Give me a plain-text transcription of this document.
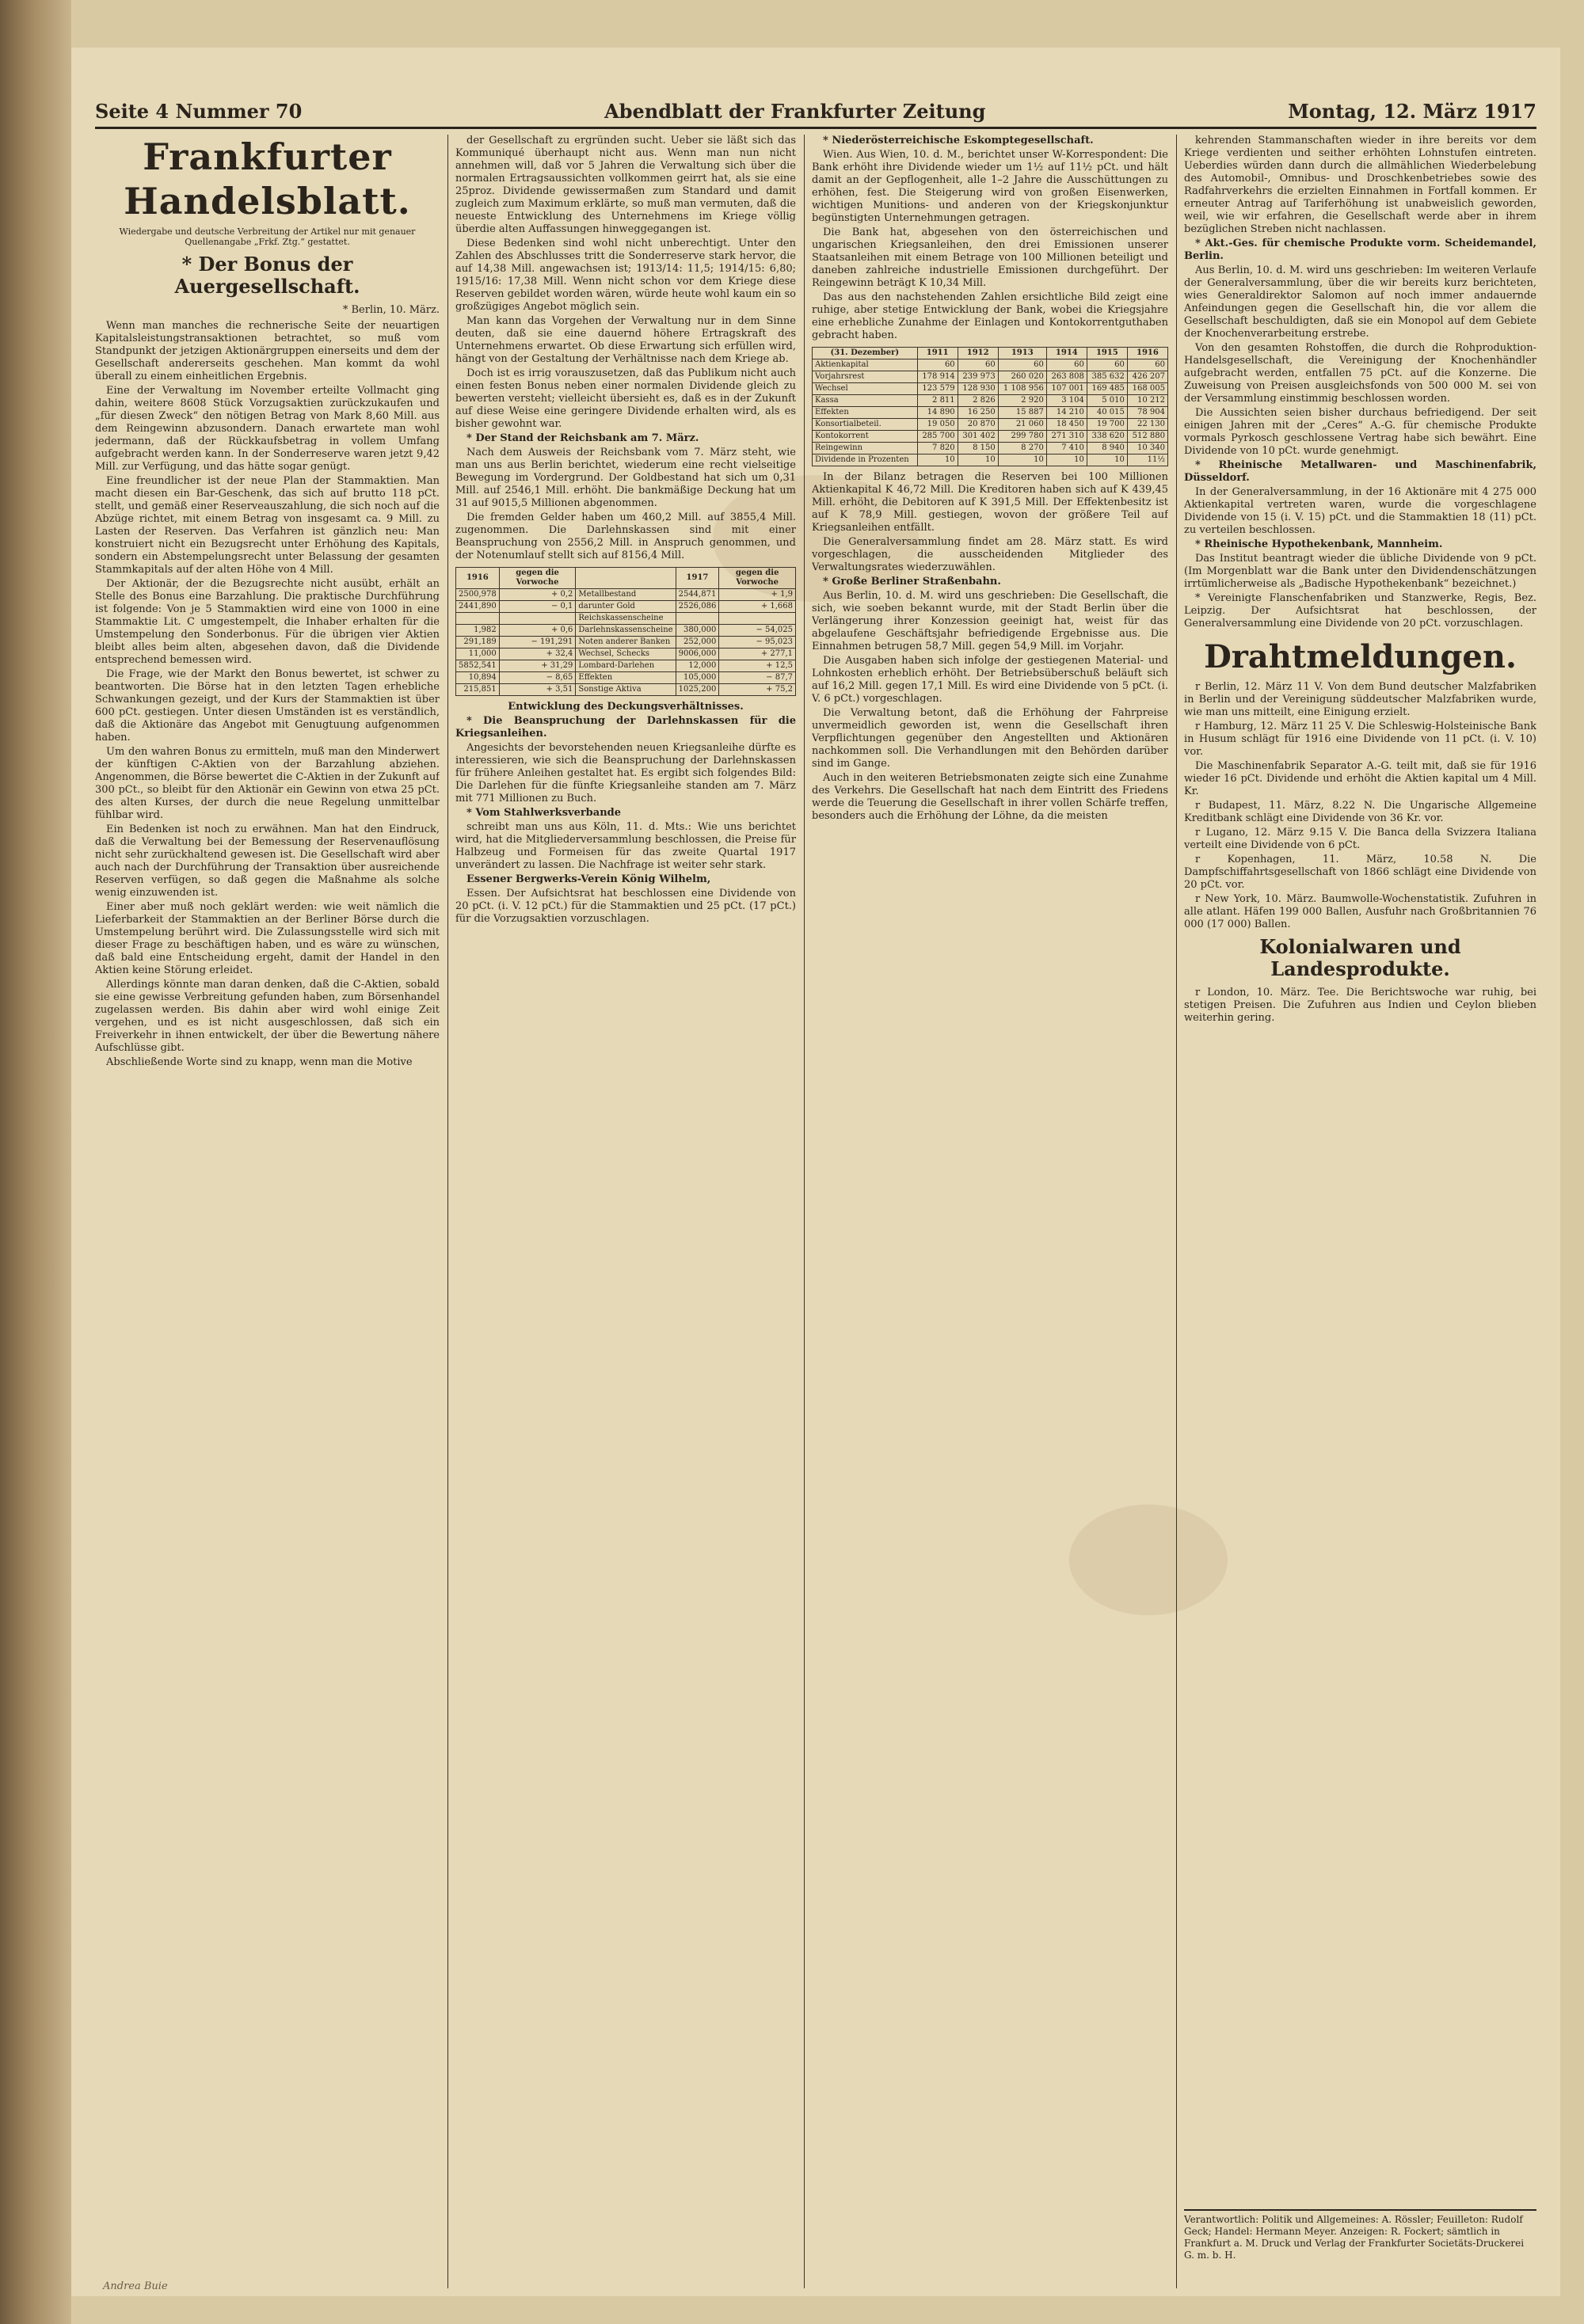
Seite 4 Nummer 70	Abendblatt der Frankfurter Zeitung	Montag, 12. März 1917
Frankfurter Handelsblatt.
Wiedergabe und deutsche Verbreitung der Artikel nur mit genauer Quellenangabe „Frkf. Ztg.“ gestattet.
* Der Bonus der Auergesellschaft.
* Berlin, 10. März.

Wenn man manches die rechnerische Seite der neuartigen Kapitalsleistungstransaktionen betrachtet, so muß vom Standpunkt der jetzigen Aktionärgruppen einerseits und dem der Gesellschaft andererseits geschehen. Man kommt da wohl überall zu einem einheitlichen Ergebnis.

Eine der Verwaltung im November erteilte Vollmacht ging dahin, weitere 8608 Stück Vorzugsaktien zurückzukaufen und „für diesen Zweck“ den nötigen Betrag von Mark 8,60 Mill. aus dem Reingewinn abzusondern. Danach erwartete man wohl jedermann, daß der Rückkaufsbetrag in vollem Umfang aufgebracht werden kann. In der Sonderreserve waren jetzt 9,42 Mill. zur Verfügung, und das hätte sogar genügt.

Eine freundlicher ist der neue Plan der Stammaktien. Man macht diesen ein Bar-Geschenk, das sich auf brutto 118 pCt. stellt, und gemäß einer Reserveauszahlung, die sich noch auf die Abzüge richtet, mit einem Betrag von insgesamt ca. 9 Mill. zu Lasten der Reserven. Das Verfahren ist gänzlich neu: Man konstruiert nicht ein Bezugsrecht unter Erhöhung des Kapitals, sondern ein Abstempelungsrecht unter Belassung der gesamten Stammkapitals auf der alten Höhe von 4 Mill.

Der Aktionär, der die Bezugsrechte nicht ausübt, erhält an Stelle des Bonus eine Barzahlung. Die praktische Durchführung ist folgende: Von je 5 Stammaktien wird eine von 1000 in eine Stammaktie Lit. C umgestempelt, die Inhaber erhalten für die Umstempelung den Sonderbonus. Für die übrigen vier Aktien bleibt alles beim alten, abgesehen davon, daß die Dividende entsprechend bemessen wird.

Die Frage, wie der Markt den Bonus bewertet, ist schwer zu beantworten. Die Börse hat in den letzten Tagen erhebliche Schwankungen gezeigt, und der Kurs der Stammaktien ist über 600 pCt. gestiegen. Unter diesen Umständen ist es verständlich, daß die Aktionäre das Angebot mit Genugtuung aufgenommen haben.

Um den wahren Bonus zu ermitteln, muß man den Minderwert der künftigen C-Aktien von der Barzahlung abziehen. Angenommen, die Börse bewertet die C-Aktien in der Zukunft auf 300 pCt., so bleibt für den Aktionär ein Gewinn von etwa 25 pCt. des alten Kurses, der durch die neue Regelung unmittelbar fühlbar wird.

Ein Bedenken ist noch zu erwähnen. Man hat den Eindruck, daß die Verwaltung bei der Bemessung der Reservenauflösung nicht sehr zurückhaltend gewesen ist. Die Gesellschaft wird aber auch nach der Durchführung der Transaktion über ausreichende Reserven verfügen, so daß gegen die Maßnahme als solche wenig einzuwenden ist.

Einer aber muß noch geklärt werden: wie weit nämlich die Lieferbarkeit der Stammaktien an der Berliner Börse durch die Umstempelung berührt wird. Die Zulassungsstelle wird sich mit dieser Frage zu beschäftigen haben, und es wäre zu wünschen, daß bald eine Entscheidung ergeht, damit der Handel in den Aktien keine Störung erleidet.

Allerdings könnte man daran denken, daß die C-Aktien, sobald sie eine gewisse Verbreitung gefunden haben, zum Börsenhandel zugelassen werden. Bis dahin aber wird wohl einige Zeit vergehen, und es ist nicht ausgeschlossen, daß sich ein Freiverkehr in ihnen entwickelt, der über die Bewertung nähere Aufschlüsse gibt.

Abschließende Worte sind zu knapp, wenn man die Motive

der Gesellschaft zu ergründen sucht. Ueber sie läßt sich das Kommuniqué überhaupt nicht aus. Wenn man nun nicht annehmen will, daß vor 5 Jahren die Verwaltung sich über die normalen Ertragsaussichten vollkommen geirrt hat, als sie eine 25proz. Dividende gewissermaßen zum Standard und damit zugleich zum Maximum erklärte, so muß man vermuten, daß die neueste Entwicklung des Unternehmens im Kriege völlig überdie alten Auffassungen hinweggegangen ist.

Diese Bedenken sind wohl nicht unberechtigt. Unter den Zahlen des Abschlusses tritt die Sonderreserve stark hervor, die auf 14,38 Mill. angewachsen ist; 1913/14: 11,5; 1914/15: 6,80; 1915/16: 17,38 Mill. Wenn nicht schon vor dem Kriege diese Reserven gebildet worden wären, würde heute wohl kaum ein so großzügiges Angebot möglich sein.

Man kann das Vorgehen der Verwaltung nur in dem Sinne deuten, daß sie eine dauernd höhere Ertragskraft des Unternehmens erwartet. Ob diese Erwartung sich erfüllen wird, hängt von der Gestaltung der Verhältnisse nach dem Kriege ab.

Doch ist es irrig vorauszusetzen, daß das Publikum nicht auch einen festen Bonus neben einer normalen Dividende gleich zu bewerten versteht; vielleicht übersieht es, daß es in der Zukunft auf diese Weise eine geringere Dividende erhalten wird, als es bisher gewohnt war.

* Der Stand der Reichsbank am 7. März.

Nach dem Ausweis der Reichsbank vom 7. März steht, wie man uns aus Berlin berichtet, wiederum eine recht vielseitige Bewegung im Vordergrund. Der Goldbestand hat sich um 0,31 Mill. auf 2546,1 Mill. erhöht. Die bankmäßige Deckung hat um 31 auf 9015,5 Millionen abgenommen.

Die fremden Gelder haben um 460,2 Mill. auf 3855,4 Mill. zugenommen. Die Darlehnskassen sind mit einer Beanspruchung von 2556,2 Mill. in Anspruch genommen, und der Notenumlauf stellt sich auf 8156,4 Mill.

1916	gegen die Vorwoche		1917	gegen die Vorwoche
2500,978	+ 0,2	Metallbestand	2544,871	+ 1,9
2441,890	− 0,1	darunter Gold	2526,086	+ 1,668
		Reichskassenscheine		
1,982	+ 0,6	Darlehnskassenscheine	380,000	− 54,025
291,189	− 191,291	Noten anderer Banken	252,000	− 95,023
11,000	+ 32,4	Wechsel, Schecks	9006,000	+ 277,1
5852,541	+ 31,29	Lombard-Darlehen	12,000	+ 12,5
10,894	− 8,65	Effekten	105,000	− 87,7
215,851	+ 3,51	Sonstige Aktiva	1025,200	+ 75,2

Entwicklung des Deckungsverhältnisses.

* Die Beanspruchung der Darlehnskassen für die Kriegsanleihen.

Angesichts der bevorstehenden neuen Kriegsanleihe dürfte es interessieren, wie sich die Beanspruchung der Darlehnskassen für frühere Anleihen gestaltet hat. Es ergibt sich folgendes Bild: Die Darlehen für die fünfte Kriegsanleihe standen am 7. März mit 771 Millionen zu Buch.

* Vom Stahlwerksverbande

schreibt man uns aus Köln, 11. d. Mts.: Wie uns berichtet wird, hat die Mitgliederversammlung beschlossen, die Preise für Halbzeug und Formeisen für das zweite Quartal 1917 unverändert zu lassen. Die Nachfrage ist weiter sehr stark.

Essener Bergwerks-Verein König Wilhelm,

Essen. Der Aufsichtsrat hat beschlossen eine Dividende von 20 pCt. (i. V. 12 pCt.) für die Stammaktien und 25 pCt. (17 pCt.) für die Vorzugsaktien vorzuschlagen.

* Niederösterreichische Eskomptegesellschaft.

Wien. Aus Wien, 10. d. M., berichtet unser W-Korrespondent: Die Bank erhöht ihre Dividende wieder um 1½ auf 11½ pCt. und hält damit an der Gepflogenheit, alle 1–2 Jahre die Ausschüttungen zu erhöhen, fest. Die Steigerung wird von großen Eisenwerken, wichtigen Munitions- und anderen von der Kriegskonjunktur begünstigten Unternehmungen getragen.

Die Bank hat, abgesehen von den österreichischen und ungarischen Kriegsanleihen, den drei Emissionen unserer Staatsanleihen mit einem Betrage von 100 Millionen beteiligt und daneben zahlreiche industrielle Emissionen durchgeführt. Der Reingewinn beträgt K 10,34 Mill.

Das aus den nachstehenden Zahlen ersichtliche Bild zeigt eine ruhige, aber stetige Entwicklung der Bank, wobei die Kriegsjahre eine erhebliche Zunahme der Einlagen und Kontokorrentguthaben gebracht haben.

(31. Dezember)	1911	1912	1913	1914	1915	1916
Aktienkapital	60	60	60	60	60	60
Vorjahrsrest	178 914	239 973	260 020	263 808	385 632	426 207
Wechsel	123 579	128 930	1 108 956	107 001	169 485	168 005
Kassa	2 811	2 826	2 920	3 104	5 010	10 212
Effekten	14 890	16 250	15 887	14 210	40 015	78 904
Konsortialbeteil.	19 050	20 870	21 060	18 450	19 700	22 130
Kontokorrent	285 700	301 402	299 780	271 310	338 620	512 880
Reingewinn	7 820	8 150	8 270	7 410	8 940	10 340
Dividende in Prozenten	10	10	10	10	10	11½

In der Bilanz betragen die Reserven bei 100 Millionen Aktienkapital K 46,72 Mill. Die Kreditoren haben sich auf K 439,45 Mill. erhöht, die Debitoren auf K 391,5 Mill. Der Effektenbesitz ist auf K 78,9 Mill. gestiegen, wovon der größere Teil auf Kriegsanleihen entfällt.

Die Generalversammlung findet am 28. März statt. Es wird vorgeschlagen, die ausscheidenden Mitglieder des Verwaltungsrates wiederzuwählen.

* Große Berliner Straßenbahn.

Aus Berlin, 10. d. M. wird uns geschrieben: Die Gesellschaft, die sich, wie soeben bekannt wurde, mit der Stadt Berlin über die Verlängerung ihrer Konzession geeinigt hat, weist für das abgelaufene Geschäftsjahr befriedigende Ergebnisse aus. Die Einnahmen betrugen 58,7 Mill. gegen 54,9 Mill. im Vorjahr.

Die Ausgaben haben sich infolge der gestiegenen Material- und Lohnkosten erheblich erhöht. Der Betriebsüberschuß beläuft sich auf 16,2 Mill. gegen 17,1 Mill. Es wird eine Dividende von 5 pCt. (i. V. 6 pCt.) vorgeschlagen.

Die Verwaltung betont, daß die Erhöhung der Fahrpreise unvermeidlich geworden ist, wenn die Gesellschaft ihren Verpflichtungen gegenüber den Angestellten und Aktionären nachkommen soll. Die Verhandlungen mit den Behörden darüber sind im Gange.

Auch in den weiteren Betriebsmonaten zeigte sich eine Zunahme des Verkehrs. Die Gesellschaft hat nach dem Eintritt des Friedens werde die Teuerung die Gesellschaft in ihrer vollen Schärfe treffen, besonders auch die Erhöhung der Löhne, da die meisten

kehrenden Stammanschaften wieder in ihre bereits vor dem Kriege verdienten und seither erhöhten Lohnstufen eintreten. Ueberdies würden dann durch die allmählichen Wiederbelebung des Automobil-, Omnibus- und Droschkenbetriebes sowie des Radfahrverkehrs die erzielten Einnahmen in Fortfall kommen. Er erneuter Antrag auf Tariferhöhung ist unabweislich geworden, weil, wie wir erfahren, die Gesellschaft werde aber in ihrem bezüglichen Streben nicht nachlassen.

* Akt.-Ges. für chemische Produkte vorm. Scheidemandel, Berlin.

Aus Berlin, 10. d. M. wird uns geschrieben: Im weiteren Verlaufe der Generalversammlung, über die wir bereits kurz berichteten, wies Generaldirektor Salomon auf noch immer andauernde Anfeindungen gegen die Gesellschaft hin, die vor allem die Gesellschaft beschuldigten, daß sie ein Monopol auf dem Gebiete der Knochenverarbeitung erstrebe.

Von den gesamten Rohstoffen, die durch die Rohproduktion-Handelsgesellschaft, die Vereinigung der Knochenhändler aufgebracht werden, entfallen 75 pCt. auf die Konzerne. Die Zuweisung von Preisen ausgleichsfonds von 500 000 M. sei von der Versammlung einstimmig beschlossen worden.

Die Aussichten seien bisher durchaus befriedigend. Der seit einigen Jahren mit der „Ceres“ A.-G. für chemische Produkte vormals Pyrkosch geschlossene Vertrag habe sich bewährt. Eine Dividende von 10 pCt. wurde genehmigt.

* Rheinische Metallwaren- und Maschinenfabrik, Düsseldorf.

In der Generalversammlung, in der 16 Aktionäre mit 4 275 000 Aktienkapital vertreten waren, wurde die vorgeschlagene Dividende von 15 (i. V. 15) pCt. und die Stammaktien 18 (11) pCt. zu verteilen beschlossen.

* Rheinische Hypothekenbank, Mannheim.

Das Institut beantragt wieder die übliche Dividende von 9 pCt. (Im Morgenblatt war die Bank unter den Dividendenschätzungen irrtümlicherweise als „Badische Hypothekenbank“ bezeichnet.)

* Vereinigte Flanschenfabriken und Stanzwerke, Regis, Bez. Leipzig. Der Aufsichtsrat hat beschlossen, der Generalversammlung eine Dividende von 20 pCt. vorzuschlagen.

Drahtmeldungen.

r Berlin, 12. März 11 V. Von dem Bund deutscher Malzfabriken in Berlin und der Vereinigung süddeutscher Malzfabriken wurde, wie man uns mitteilt, eine Einigung erzielt.

r Hamburg, 12. März 11 25 V. Die Schleswig-Holsteinische Bank in Husum schlägt für 1916 eine Dividende von 11 pCt. (i. V. 10) vor.

Die Maschinenfabrik Separator A.-G. teilt mit, daß sie für 1916 wieder 16 pCt. Dividende und erhöht die Aktien kapital um 4 Mill. Kr.

r Budapest, 11. März, 8.22 N. Die Ungarische Allgemeine Kreditbank schlägt eine Dividende von 36 Kr. vor.

r Lugano, 12. März 9.15 V. Die Banca della Svizzera Italiana verteilt eine Dividende von 6 pCt.

r Kopenhagen, 11. März, 10.58 N. Die Dampfschiffahrtsgesellschaft von 1866 schlägt eine Dividende von 20 pCt. vor.

r New York, 10. März. Baumwolle-Wochenstatistik. Zufuhren in alle atlant. Häfen 199 000 Ballen, Ausfuhr nach Großbritannien 76 000 (17 000) Ballen.

Kolonialwaren und Landesprodukte.

r London, 10. März. Tee. Die Berichtswoche war ruhig, bei stetigen Preisen. Die Zufuhren aus Indien und Ceylon blieben weiterhin gering.

Verantwortlich: Politik und Allgemeines: A. Rössler; Feuilleton: Rudolf Geck; Handel: Hermann Meyer. Anzeigen: R. Fockert; sämtlich in Frankfurt a. M. Druck und Verlag der Frankfurter Societäts-Druckerei G. m. b. H.
Andrea Buie
